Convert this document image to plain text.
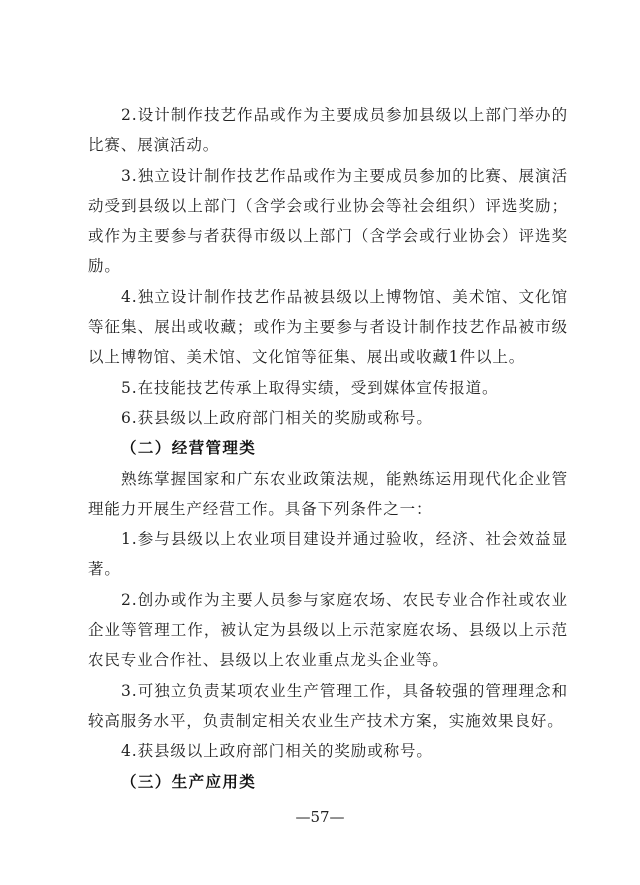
2.设计制作技艺作品或作为主要成员参加县级以上部门举办的比赛、展演活动。

3.独立设计制作技艺作品或作为主要成员参加的比赛、展演活动受到县级以上部门（含学会或行业协会等社会组织）评选奖励；或作为主要参与者获得市级以上部门（含学会或行业协会）评选奖励。

4.独立设计制作技艺作品被县级以上博物馆、美术馆、文化馆等征集、展出或收藏；或作为主要参与者设计制作技艺作品被市级以上博物馆、美术馆、文化馆等征集、展出或收藏1件以上。

5.在技能技艺传承上取得实绩，受到媒体宣传报道。

6.获县级以上政府部门相关的奖励或称号。

（二）经营管理类

熟练掌握国家和广东农业政策法规，能熟练运用现代化企业管理能力开展生产经营工作。具备下列条件之一：

1.参与县级以上农业项目建设并通过验收，经济、社会效益显著。

2.创办或作为主要人员参与家庭农场、农民专业合作社或农业企业等管理工作，被认定为县级以上示范家庭农场、县级以上示范农民专业合作社、县级以上农业重点龙头企业等。

3.可独立负责某项农业生产管理工作，具备较强的管理理念和较高服务水平，负责制定相关农业生产技术方案，实施效果良好。

4.获县级以上政府部门相关的奖励或称号。

（三）生产应用类

—57—
